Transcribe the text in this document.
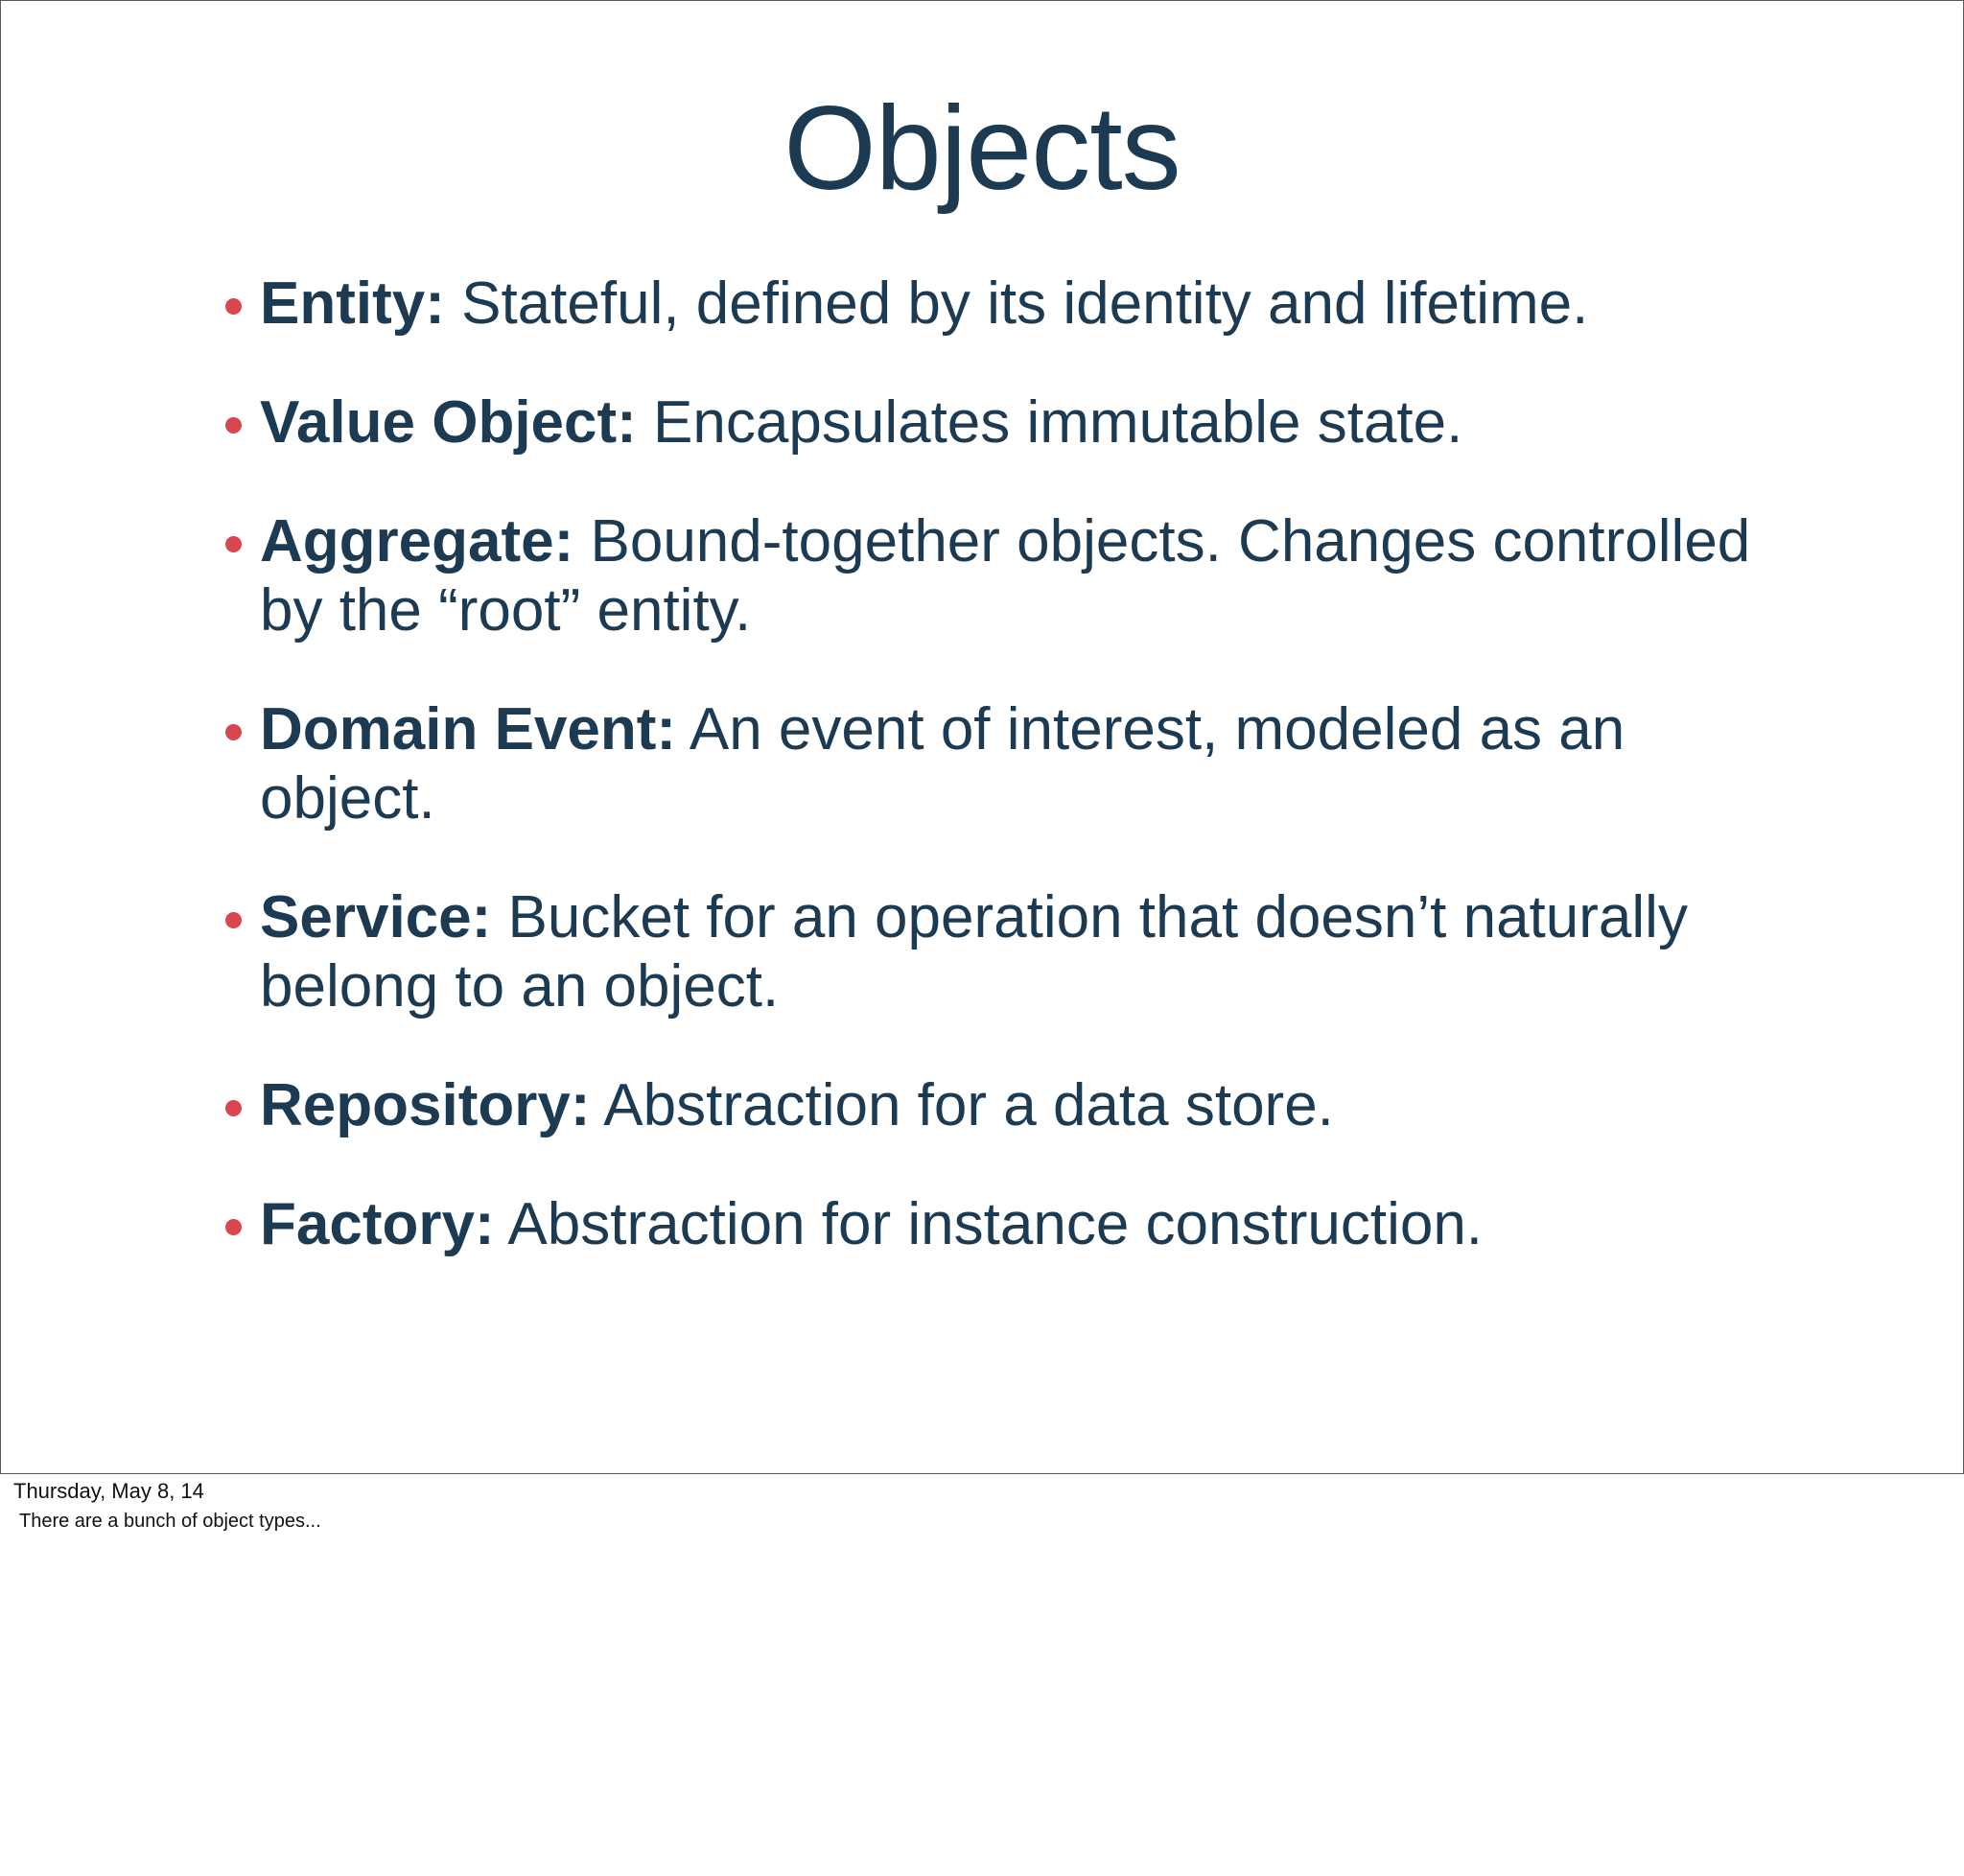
Objects
Entity: Stateful, defined by its identity and lifetime.
Value Object: Encapsulates immutable state.
Aggregate: Bound-together objects. Changes controlled by the “root” entity.
Domain Event: An event of interest, modeled as an object.
Service: Bucket for an operation that doesn’t naturally belong to an object.
Repository: Abstraction for a data store.
Factory: Abstraction for instance construction.
Thursday, May 8, 14
There are a bunch of object types...
